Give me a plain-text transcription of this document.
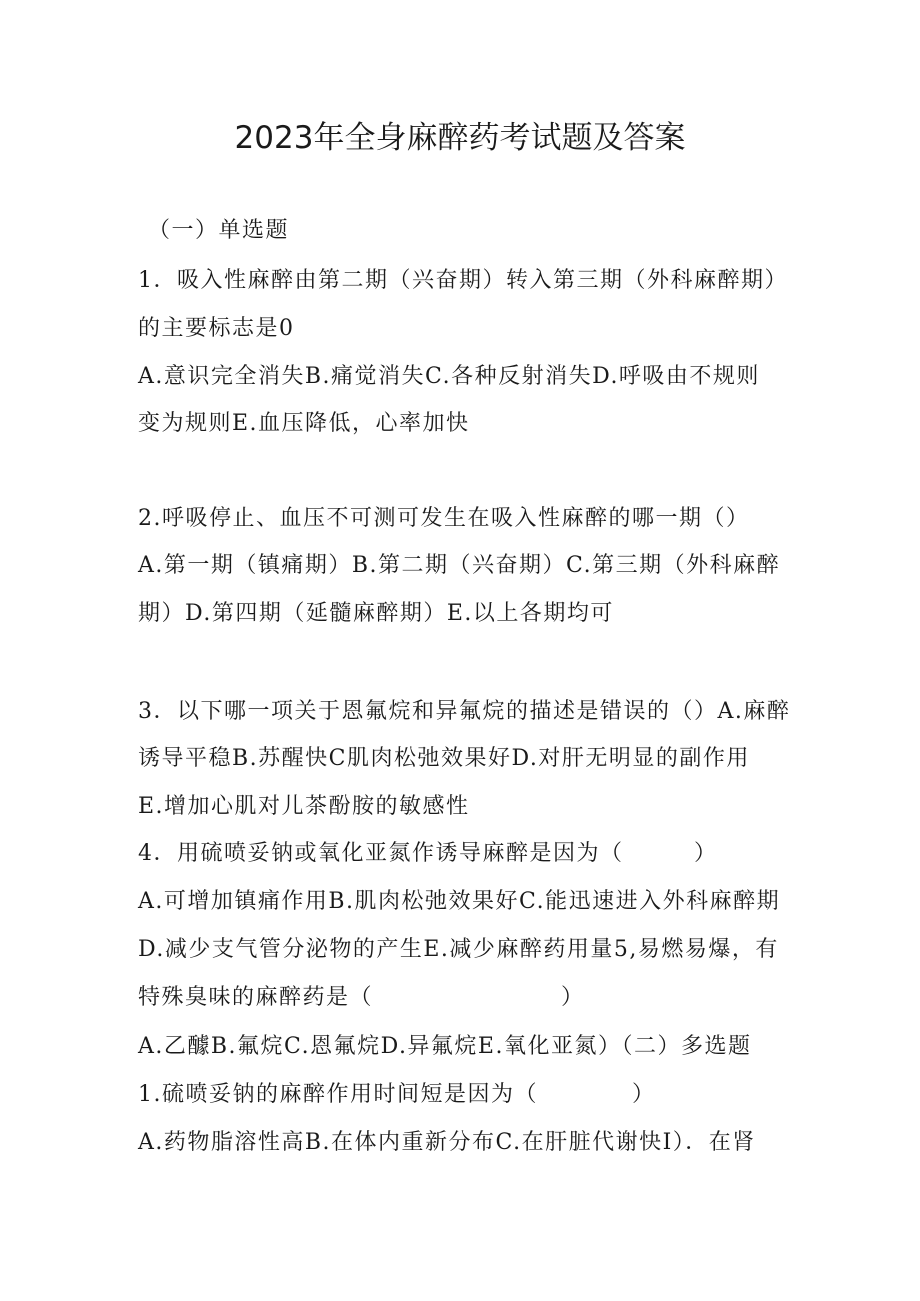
2023年全身麻醉药考试题及答案

（一）单选题

1．吸入性麻醉由第二期（兴奋期）转入第三期（外科麻醉期）

的主要标志是0

A.意识完全消失B.痛觉消失C.各种反射消失D.呼吸由不规则

变为规则E.血压降低，心率加快

2.呼吸停止、血压不可测可发生在吸入性麻醉的哪一期（）

A.第一期（镇痛期）B.第二期（兴奋期）C.第三期（外科麻醉

期）D.第四期（延髓麻醉期）E.以上各期均可

3．以下哪一项关于恩氟烷和异氟烷的描述是错误的（）A.麻醉

诱导平稳B.苏醒快C肌肉松弛效果好D.对肝无明显的副作用

E.增加心肌对儿茶酚胺的敏感性

4．用硫喷妥钠或氧化亚氮作诱导麻醉是因为（　　　）

A.可增加镇痛作用B.肌肉松弛效果好C.能迅速进入外科麻醉期

D.减少支气管分泌物的产生E.减少麻醉药用量5,易燃易爆，有

特殊臭味的麻醉药是（　　　　　　　　）

A.乙醵B.氟烷C.恩氟烷D.异氟烷E.氧化亚氮）（二）多选题

1.硫喷妥钠的麻醉作用时间短是因为（　　　　）

A.药物脂溶性高B.在体内重新分布C.在肝脏代谢快I）．在肾
